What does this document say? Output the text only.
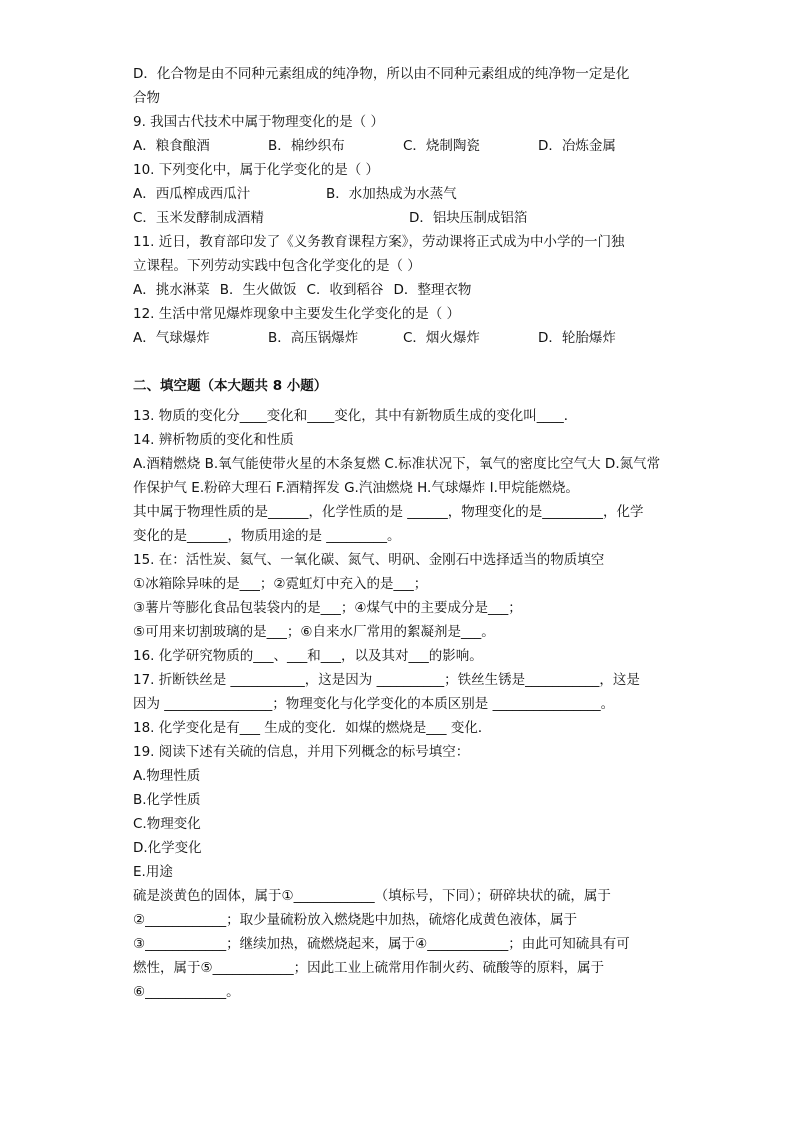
D．化合物是由不同种元素组成的纯净物，所以由不同种元素组成的纯净物一定是化
合物
9. 我国古代技术中属于物理变化的是（ ）
A．粮食酿酒	B．棉纱织布	C．烧制陶瓷	D．冶炼金属
10. 下列变化中，属于化学变化的是（ ）
A．西瓜榨成西瓜汁	B．水加热成为水蒸气
C．玉米发酵制成酒精	D．铝块压制成铝箔
11. 近日，教育部印发了《义务教育课程方案》，劳动课将正式成为中小学的一门独
立课程。下列劳动实践中包含化学变化的是（ ）
A．挑水淋菜 B．生火做饭 C．收到稻谷 D．整理衣物
12. 生活中常见爆炸现象中主要发生化学变化的是（ ）
A．气球爆炸	B．高压锅爆炸	C．烟火爆炸	D．轮胎爆炸
二、填空题（本大题共 8 小题）
13. 物质的变化分____变化和____变化，其中有新物质生成的变化叫____．
14. 辨析物质的变化和性质
A.酒精燃烧 B.氧气能使带火星的木条复燃 C.标准状况下，氧气的密度比空气大 D.氮气常
作保护气 E.粉碎大理石 F.酒精挥发 G.汽油燃烧 H.气球爆炸 I.甲烷能燃烧。
其中属于物理性质的是______，化学性质的是 ______，物理变化的是_________，化学
变化的是______，物质用途的是 _________。
15. 在：活性炭、氦气、一氧化碳、氮气、明矾、金刚石中选择适当的物质填空
①冰箱除异味的是___；②霓虹灯中充入的是___；
③薯片等膨化食品包装袋内的是___；④煤气中的主要成分是___；
⑤可用来切割玻璃的是___；⑥自来水厂常用的絮凝剂是___。
16. 化学研究物质的___、___和___，以及其对___的影响。
17. 折断铁丝是 ___________，这是因为 __________；铁丝生锈是___________，这是
因为 ________________；物理变化与化学变化的本质区别是 ________________。
18. 化学变化是有___ 生成的变化．如煤的燃烧是___ 变化．
19. 阅读下述有关硫的信息，并用下列概念的标号填空：
A.物理性质
B.化学性质
C.物理变化
D.化学变化
E.用途
硫是淡黄色的固体，属于①____________（填标号，下同）；研碎块状的硫，属于
②____________；取少量硫粉放入燃烧匙中加热，硫熔化成黄色液体，属于
③____________；继续加热，硫燃烧起来，属于④____________；由此可知硫具有可
燃性，属于⑤____________；因此工业上硫常用作制火药、硫酸等的原料，属于
⑥____________。
